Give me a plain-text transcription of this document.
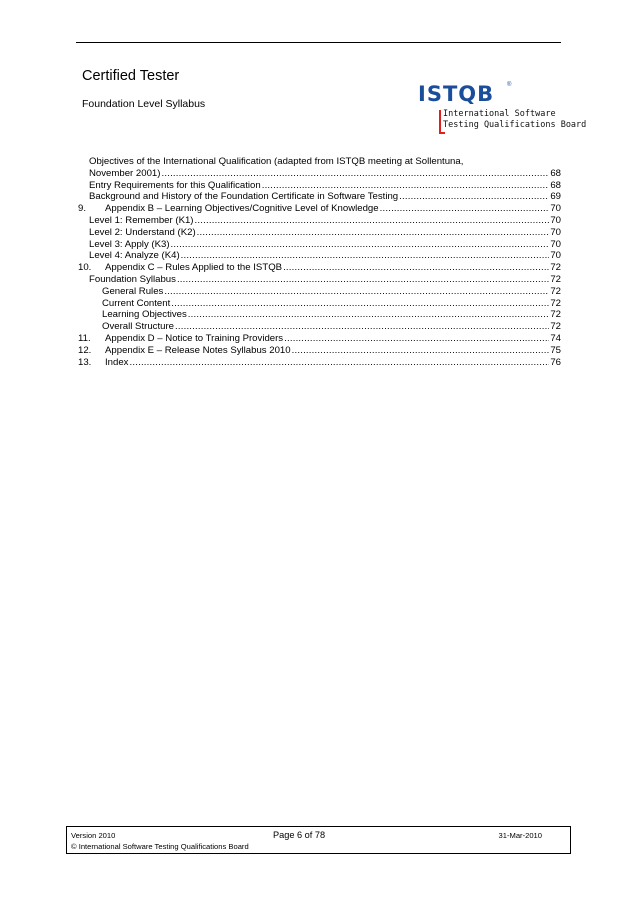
Certified Tester
Foundation Level Syllabus	ISTQB ®
International Software
Testing Qualifications Board
Objectives of the International Qualification (adapted from ISTQB meeting at Sollentuna,
November 2001) .....	68
Entry Requirements for this Qualification .....	68
Background and History of the Foundation Certificate in Software Testing .....	69
9.	Appendix B – Learning Objectives/Cognitive Level of Knowledge .....	70
Level 1: Remember (K1) .....	70
Level 2: Understand (K2) .....	70
Level 3: Apply (K3) .....	70
Level 4: Analyze (K4) .....	70
10.	Appendix C – Rules Applied to the ISTQB .....	72
Foundation Syllabus .....	72
General Rules .....	72
Current Content .....	72
Learning Objectives .....	72
Overall Structure .....	72
11.	Appendix D – Notice to Training Providers .....	74
12.	Appendix E – Release Notes Syllabus 2010 .....	75
13.	Index .....	76
Version 2010	Page 6 of 78	31-Mar-2010
© International Software Testing Qualifications Board
